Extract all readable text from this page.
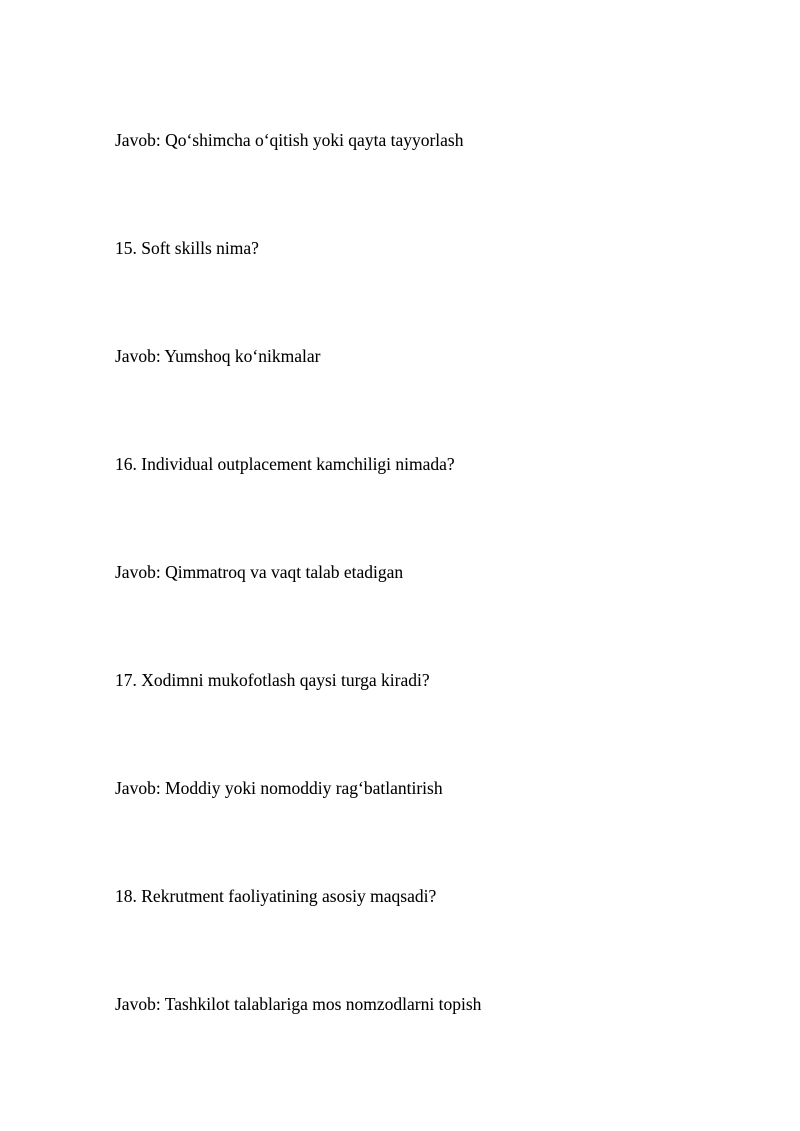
Javob: Qo‘shimcha o‘qitish yoki qayta tayyorlash

15. Soft skills nima?

Javob: Yumshoq ko‘nikmalar

16. Individual outplacement kamchiligi nimada?

Javob: Qimmatroq va vaqt talab etadigan

17. Xodimni mukofotlash qaysi turga kiradi?

Javob: Moddiy yoki nomoddiy rag‘batlantirish

18. Rekrutment faoliyatining asosiy maqsadi?

Javob: Tashkilot talablariga mos nomzodlarni topish
